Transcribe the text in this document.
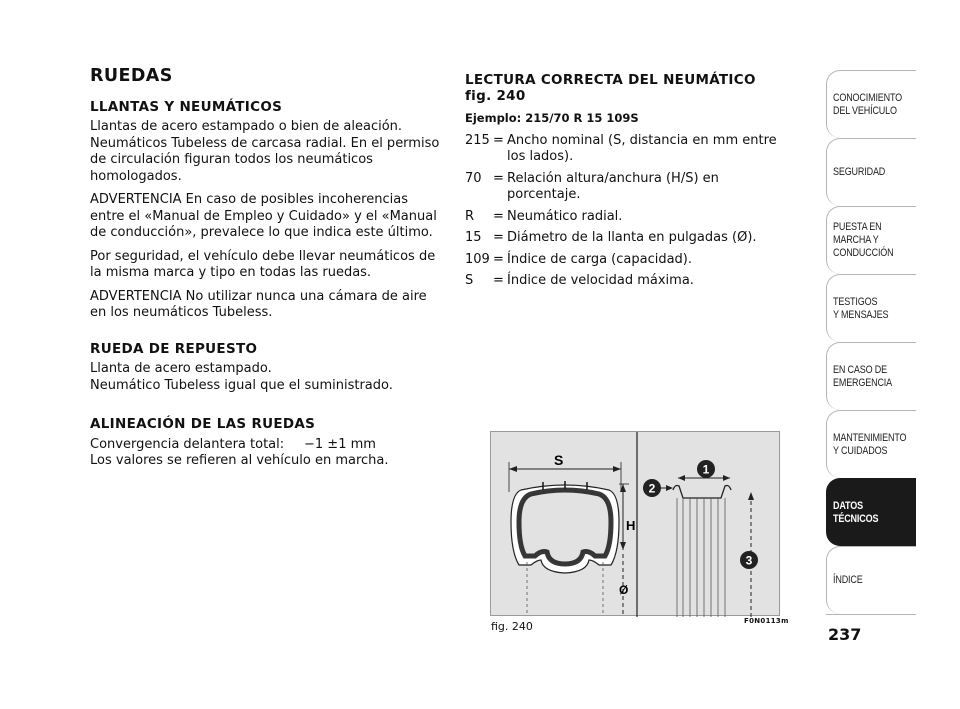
RUEDAS
LLANTAS Y NEUMÁTICOS

Llantas de acero estampado o bien de aleación. Neumáticos Tubeless de carcasa radial. En el permiso de circulación figuran todos los neumáticos homologados.

ADVERTENCIA En caso de posibles incoherencias entre el «Manual de Empleo y Cuidado» y el «Manual de conducción», prevalece lo que indica este último.

Por seguridad, el vehículo debe llevar neumáticos de la misma marca y tipo en todas las ruedas.

ADVERTENCIA No utilizar nunca una cámara de aire en los neumáticos Tubeless.

RUEDA DE REPUESTO
Llanta de acero estampado.
Neumático Tubeless igual que el suministrado.
ALINEACIÓN DE LAS RUEDAS
Convergencia delantera total:	−1 ±1 mm
Los valores se refieren al vehículo en marcha.
LECTURA CORRECTA DEL NEUMÁTICO
fig. 240
Ejemplo: 215/70 R 15 109S
215 = Ancho nominal (S, distancia en mm entre los lados).
70 = Relación altura/anchura (H/S) en porcentaje.
R	= Neumático radial.
15 = Diámetro de la llanta en pulgadas (Ø).
109 = Índice de carga (capacidad).
S	= Índice de velocidad máxima.
S
H
Ø
1
2
3
fig. 240	F0N0113m
CONOCIMIENTO
DEL VEHÍCULO
SEGURIDAD
PUESTA EN
MARCHA Y
CONDUCCIÓN
TESTIGOS
Y MENSAJES
EN CASO DE
EMERGENCIA
MANTENIMIENTO
Y CUIDADOS
DATOS
TÉCNICOS
ÍNDICE
237
